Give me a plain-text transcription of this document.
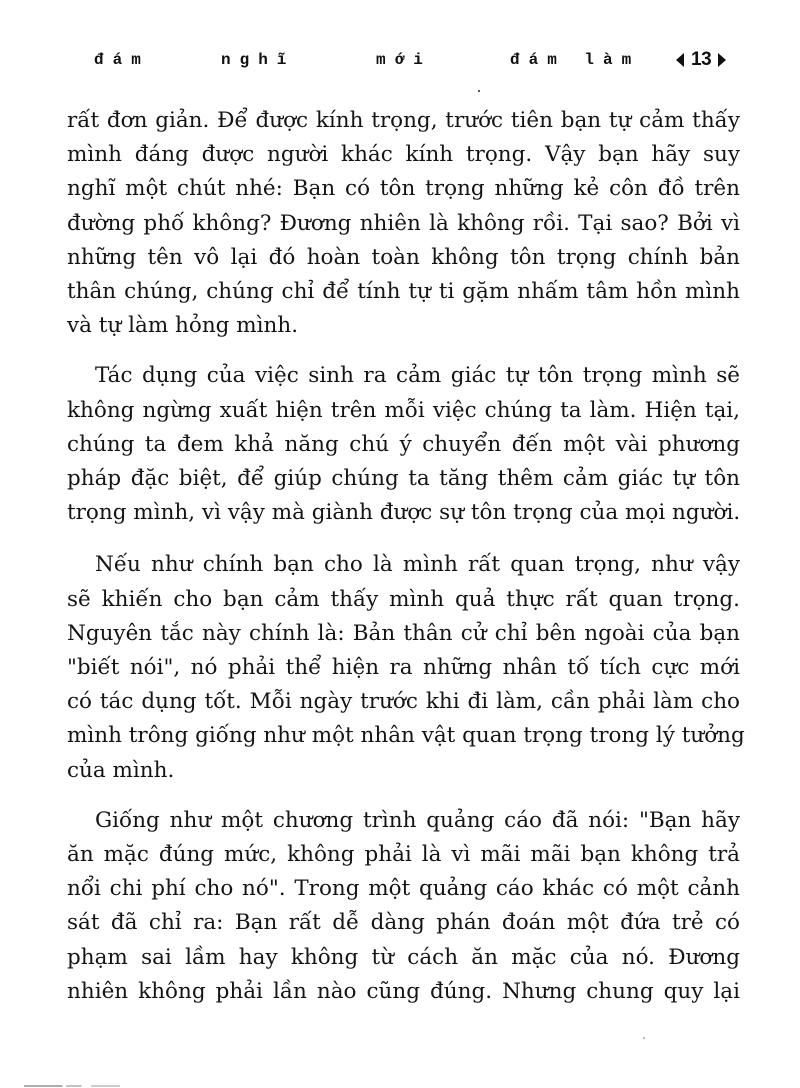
đám	nghĩ	mới	đám làm	13
rất đơn giản. Để được kính trọng, trước tiên bạn tự cảm thấy
mình đáng được người khác kính trọng. Vậy bạn hãy suy
nghĩ một chút nhé: Bạn có tôn trọng những kẻ côn đồ trên
đường phố không? Đương nhiên là không rồi. Tại sao? Bởi vì
những tên vô lại đó hoàn toàn không tôn trọng chính bản
thân chúng, chúng chỉ để tính tự ti gặm nhấm tâm hồn mình
và tự làm hỏng mình.
Tác dụng của việc sinh ra cảm giác tự tôn trọng mình sẽ
không ngừng xuất hiện trên mỗi việc chúng ta làm. Hiện tại,
chúng ta đem khả năng chú ý chuyển đến một vài phương
pháp đặc biệt, để giúp chúng ta tăng thêm cảm giác tự tôn
trọng mình, vì vậy mà giành được sự tôn trọng của mọi người.
Nếu như chính bạn cho là mình rất quan trọng, như vậy
sẽ khiến cho bạn cảm thấy mình quả thực rất quan trọng.
Nguyên tắc này chính là: Bản thân cử chỉ bên ngoài của bạn
"biết nói", nó phải thể hiện ra những nhân tố tích cực mới
có tác dụng tốt. Mỗi ngày trước khi đi làm, cần phải làm cho
mình trông giống như một nhân vật quan trọng trong lý tưởng
của mình.
Giống như một chương trình quảng cáo đã nói: "Bạn hãy
ăn mặc đúng mức, không phải là vì mãi mãi bạn không trả
nổi chi phí cho nó". Trong một quảng cáo khác có một cảnh
sát đã chỉ ra: Bạn rất dễ dàng phán đoán một đứa trẻ có
phạm sai lầm hay không từ cách ăn mặc của nó. Đương
nhiên không phải lần nào cũng đúng. Nhưng chung quy lại
